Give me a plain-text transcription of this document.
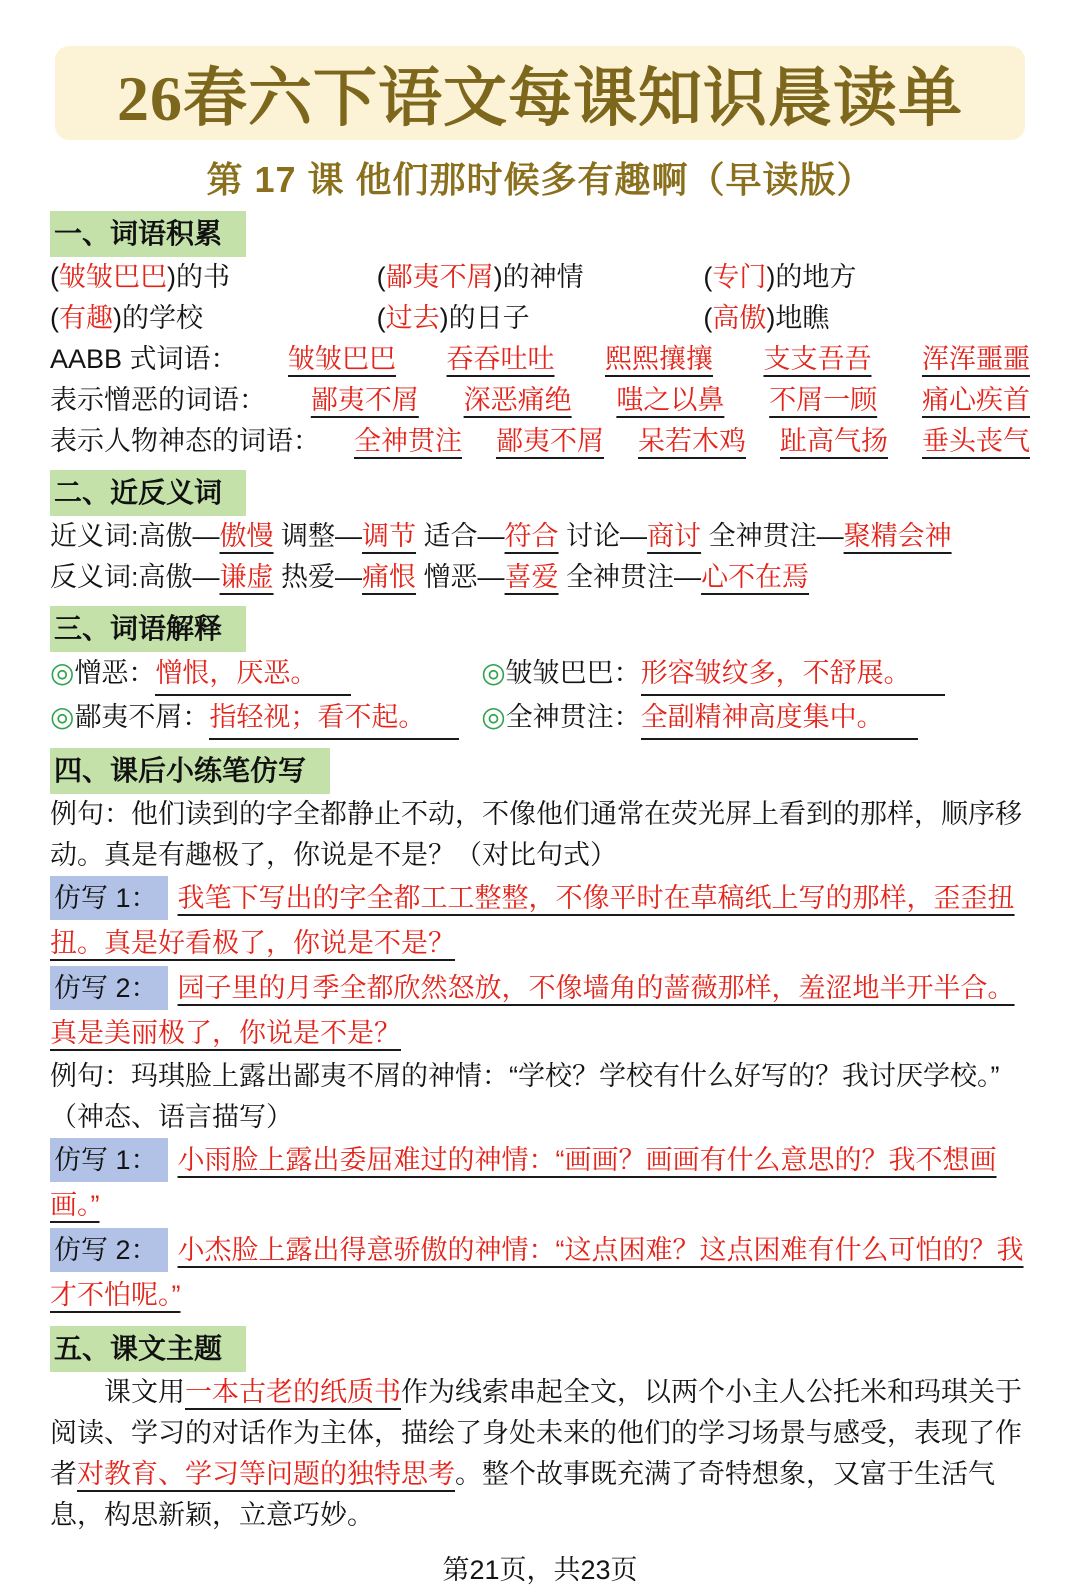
26春六下语文每课知识晨读单
第 17 课 他们那时候多有趣啊（早读版）
一、词语积累
(皱皱巴巴)的书	(鄙夷不屑)的神情	(专门)的地方
(有趣)的学校	(过去)的日子	(高傲)地瞧
AABB 式词语： 皱皱巴巴 吞吞吐吐 熙熙攘攘 支支吾吾 浑浑噩噩
表示憎恶的词语： 鄙夷不屑 深恶痛绝 嗤之以鼻 不屑一顾 痛心疾首
表示人物神态的词语： 全神贯注 鄙夷不屑 呆若木鸡 趾高气扬 垂头丧气
二、近反义词
近义词:高傲—傲慢 调整—调节 适合—符合 讨论—商讨 全神贯注—聚精会神
反义词:高傲—谦虚 热爱—痛恨 憎恶—喜爱 全神贯注—心不在焉
三、词语解释
◎憎恶：憎恨，厌恶。	◎皱皱巴巴：形容皱纹多，不舒展。
◎鄙夷不屑：指轻视；看不起。	◎全神贯注：全副精神高度集中。
四、课后小练笔仿写
例句：他们读到的字全都静止不动，不像他们通常在荧光屏上看到的那样，顺序移动。真是有趣极了，你说是不是？（对比句式）
仿写 1： 我笔下写出的字全都工工整整，不像平时在草稿纸上写的那样，歪歪扭扭。真是好看极了，你说是不是？
仿写 2： 园子里的月季全都欣然怒放，不像墙角的蔷薇那样，羞涩地半开半合。真是美丽极了，你说是不是？
例句：玛琪脸上露出鄙夷不屑的神情：“学校？学校有什么好写的？我讨厌学校。”
（神态、语言描写）
仿写 1： 小雨脸上露出委屈难过的神情：“画画？画画有什么意思的？我不想画画。”
仿写 2： 小杰脸上露出得意骄傲的神情：“这点困难？这点困难有什么可怕的？我才不怕呢。”
五、课文主题
课文用一本古老的纸质书作为线索串起全文，以两个小主人公托米和玛琪关于阅读、学习的对话作为主体，描绘了身处未来的他们的学习场景与感受，表现了作者对教育、学习等问题的独特思考。整个故事既充满了奇特想象，又富于生活气息，构思新颖，立意巧妙。
第21页，共23页
